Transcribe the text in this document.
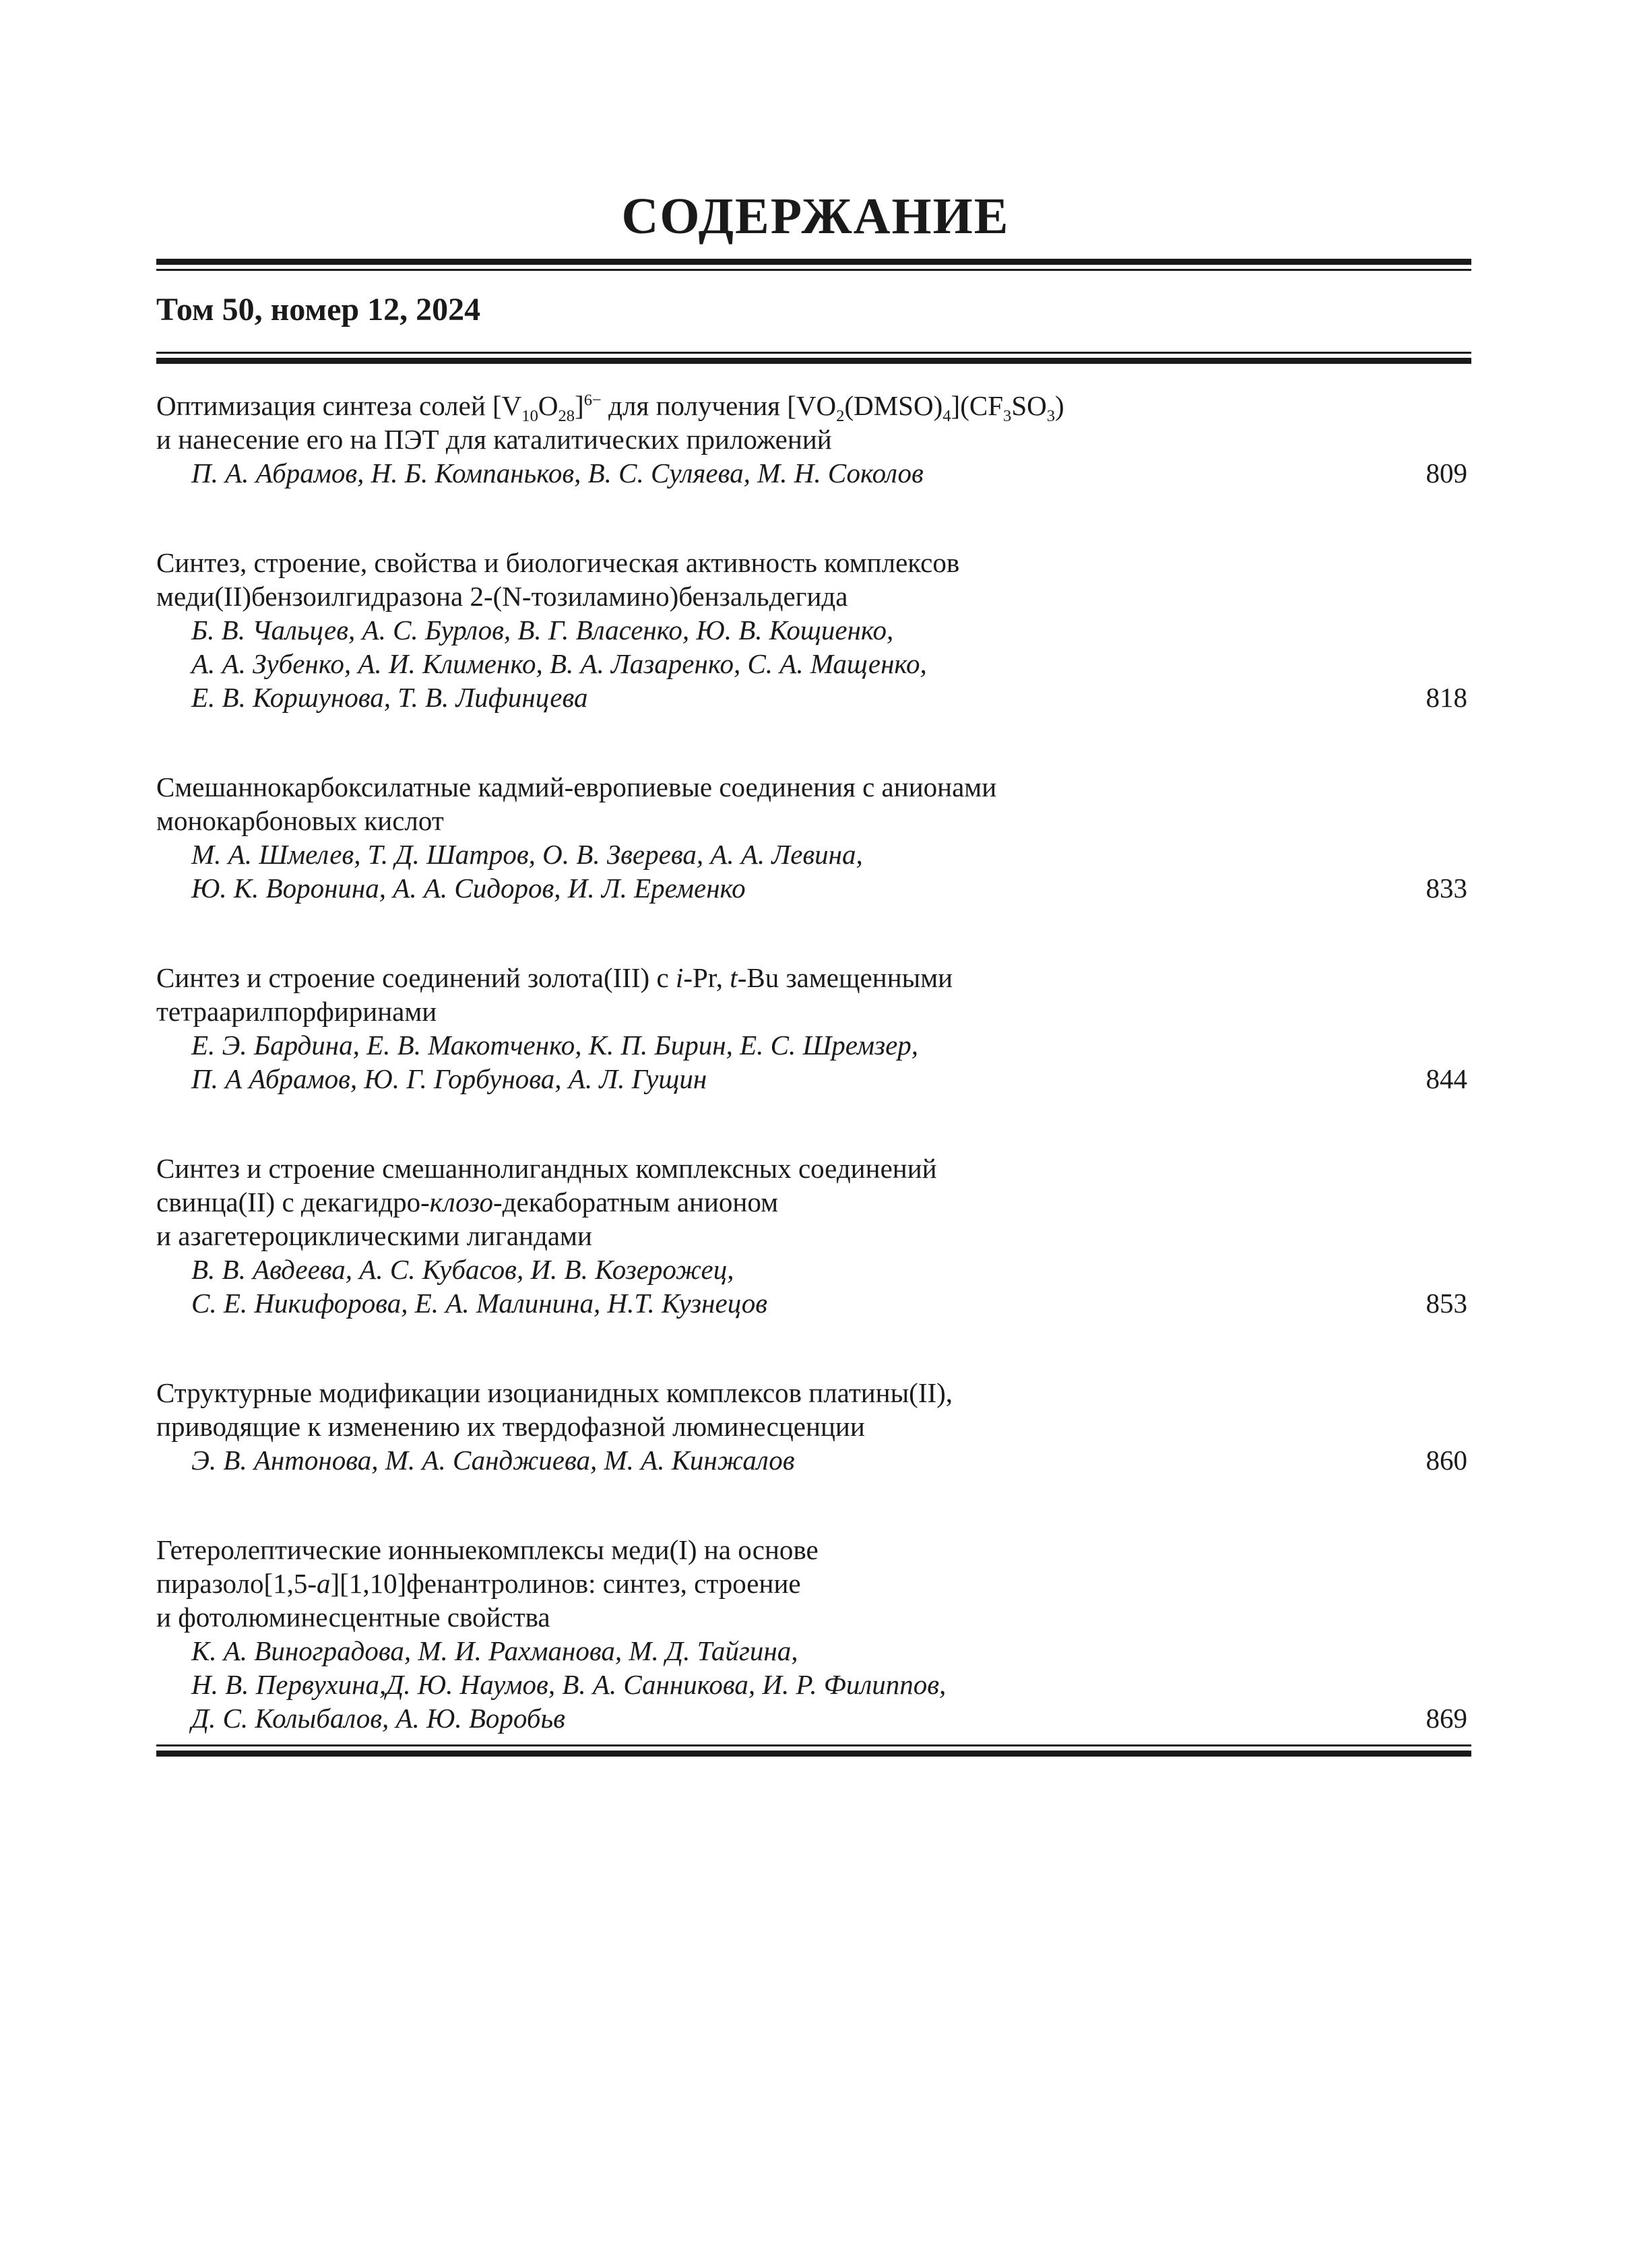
СОДЕРЖАНИЕ
Том 50, номер 12, 2024
Оптимизация синтеза солей $[V_{10}O_{28}]^{6-}$ для получения $[VO_2(DMSO)_4](CF_3SO_3)$
и нанесение его на ПЭТ для каталитических приложений
П. А. Абрамов, Н. Б. Компаньков, В. С. Суляева, М. Н. Соколов	809
Синтез, строение, свойства и биологическая активность комплексов
меди(II)бензоилгидразона 2-(N-тозиламино)бензальдегида
Б. В. Чальцев, А. С. Бурлов, В. Г. Власенко, Ю. В. Кощиенко,
А. А. Зубенко, А. И. Клименко, В. А. Лазаренко, С. А. Мащенко,
Е. В. Коршунова, Т. В. Лифинцева	818
Смешаннокарбоксилатные кадмий-европиевые соединения с анионами
монокарбоновых кислот
М. А. Шмелев, Т. Д. Шатров, О. В. Зверева, А. А. Левина,
Ю. К. Воронина, А. А. Сидоров, И. Л. Еременко	833
Синтез и строение соединений золота(III) с i-Pr, t-Bu замещенными
тетраарилпорфиринами
Е. Э. Бардина, Е. В. Макотченко, К. П. Бирин, Е. С. Шремзер,
П. А Абрамов, Ю. Г. Горбунова, А. Л. Гущин	844
Синтез и строение смешаннолигандных комплексных соединений
свинца(II) с декагидро-клозо-декаборатным анионом
и азагетероциклическими лигандами
В. В. Авдеева, А. С. Кубасов, И. В. Козерожец,
С. Е. Никифорова, Е. А. Малинина, Н.Т. Кузнецов	853
Структурные модификации изоцианидных комплексов платины(II),
приводящие к изменению их твердофазной люминесценции
Э. В. Антонова, М. А. Санджиева, М. А. Кинжалов	860
Гетеролептические ионныекомплексы меди(I) на основе
пиразоло[1,5-a][1,10]фенантролинов: синтез, строение
и фотолюминесцентные свойства
К. А. Виноградова, М. И. Рахманова, М. Д. Тайгина,
Н. В. Первухина,Д. Ю. Наумов, В. А. Санникова, И. Р. Филиппов,
Д. С. Колыбалов, А. Ю. Воробьв	869
